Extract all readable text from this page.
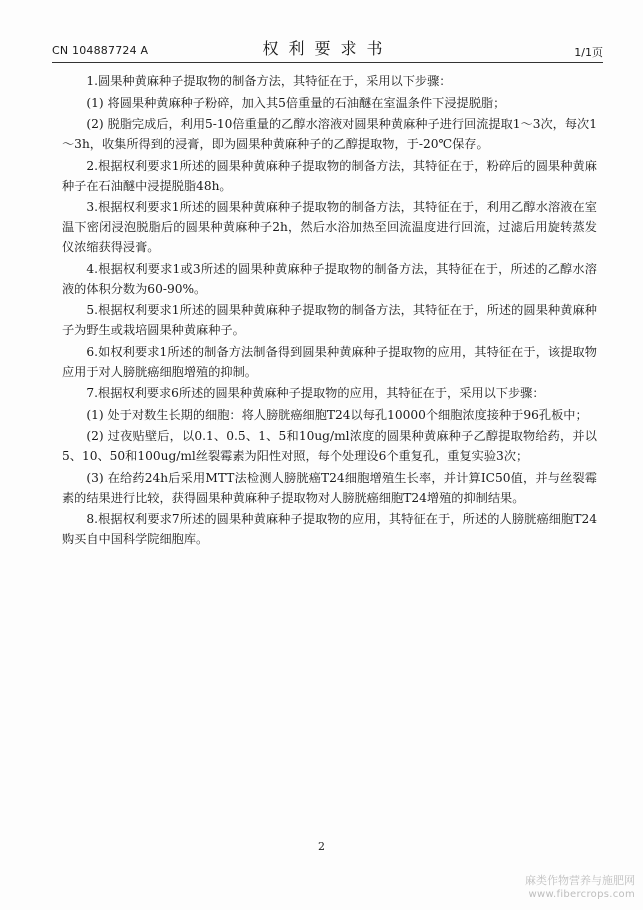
CN 104887724 A	权利要求书	1/1页

1.圆果种黄麻种子提取物的制备方法，其特征在于，采用以下步骤：

(1) 将圆果种黄麻种子粉碎，加入其5倍重量的石油醚在室温条件下浸提脱脂；

(2) 脱脂完成后，利用5-10倍重量的乙醇水溶液对圆果种黄麻种子进行回流提取1～3次，每次1～3h，收集所得到的浸膏，即为圆果种黄麻种子的乙醇提取物，于-20℃保存。

2.根据权利要求1所述的圆果种黄麻种子提取物的制备方法，其特征在于，粉碎后的圆果种黄麻种子在石油醚中浸提脱脂48h。

3.根据权利要求1所述的圆果种黄麻种子提取物的制备方法，其特征在于，利用乙醇水溶液在室温下密闭浸泡脱脂后的圆果种黄麻种子2h，然后水浴加热至回流温度进行回流，过滤后用旋转蒸发仪浓缩获得浸膏。

4.根据权利要求1或3所述的圆果种黄麻种子提取物的制备方法，其特征在于，所述的乙醇水溶液的体积分数为60-90%。

5.根据权利要求1所述的圆果种黄麻种子提取物的制备方法，其特征在于，所述的圆果种黄麻种子为野生或栽培圆果种黄麻种子。

6.如权利要求1所述的制备方法制备得到圆果种黄麻种子提取物的应用，其特征在于，该提取物应用于对人膀胱癌细胞增殖的抑制。

7.根据权利要求6所述的圆果种黄麻种子提取物的应用，其特征在于，采用以下步骤：

(1) 处于对数生长期的细胞：将人膀胱癌细胞T24以每孔10000个细胞浓度接种于96孔板中；

(2) 过夜贴壁后，以0.1、0.5、1、5和10ug/ml浓度的圆果种黄麻种子乙醇提取物给药，并以5、10、50和100ug/ml丝裂霉素为阳性对照，每个处理设6个重复孔，重复实验3次；

(3) 在给药24h后采用MTT法检测人膀胱癌T24细胞增殖生长率，并计算IC50值，并与丝裂霉素的结果进行比较，获得圆果种黄麻种子提取物对人膀胱癌细胞T24增殖的抑制结果。

8.根据权利要求7所述的圆果种黄麻种子提取物的应用，其特征在于，所述的人膀胱癌细胞T24购买自中国科学院细胞库。

2
麻类作物营养与施肥网
www.fibercrops.com
